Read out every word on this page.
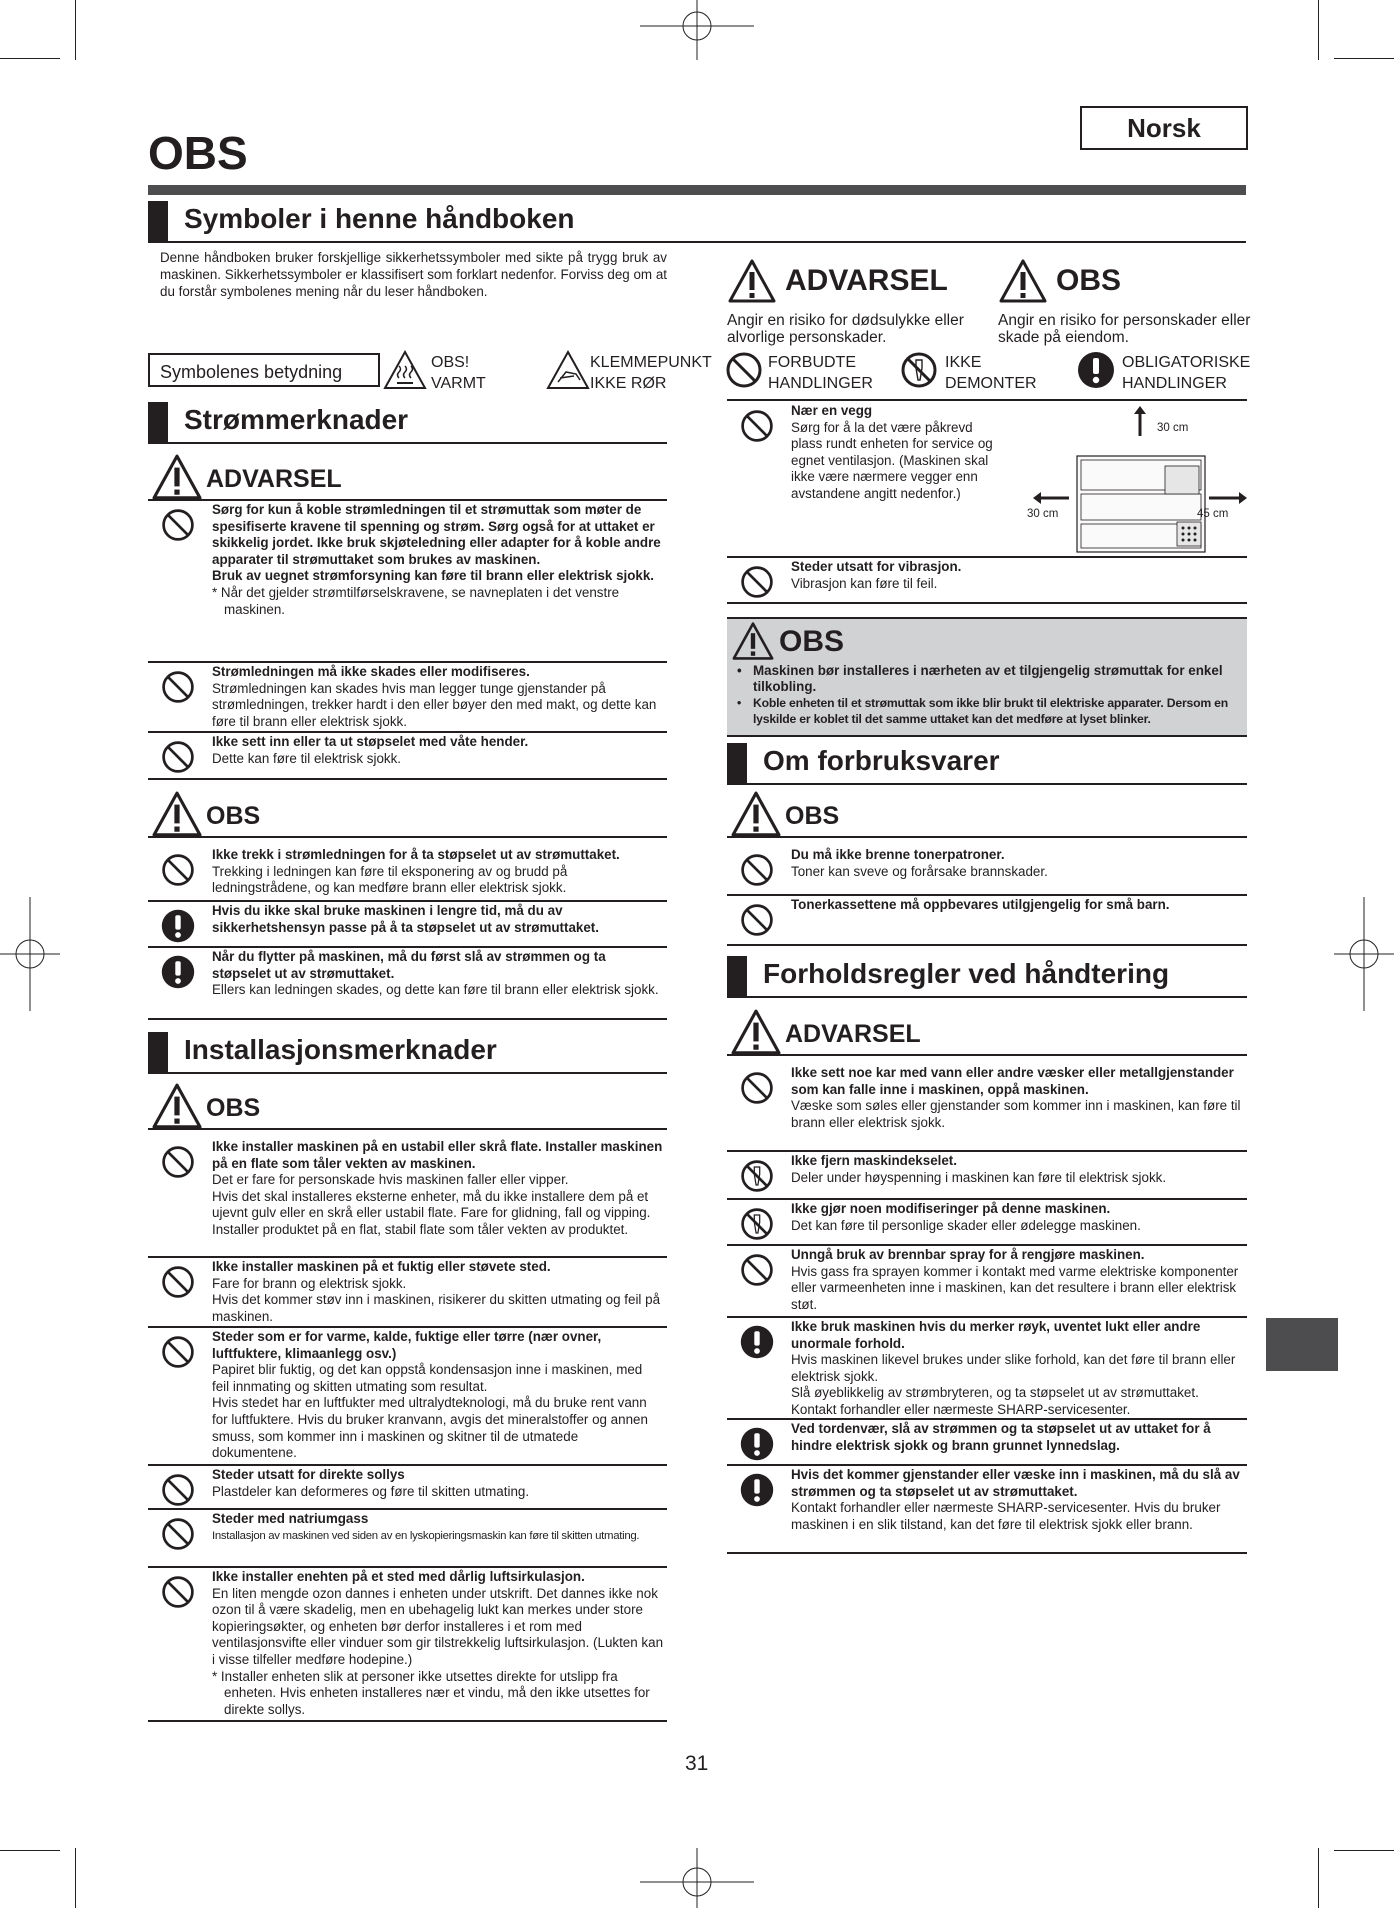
Norsk
OBS
Symboler i henne håndboken
Denne håndboken bruker forskjellige sikkerhetssymboler med sikte på trygg bruk av maskinen. Sikkerhetssymboler er klassifisert som forklart nedenfor. Forviss deg om at du forstår symbolenes mening når du leser håndboken.	ADVARSEL
Angir en risiko for dødsulykke eller alvorlige personskader.
OBS
Angir en risiko for personskader eller skade på eiendom.
Symbolenes betydning	OBS!
VARMT
KLEMMEPUNKT
IKKE RØR
FORBUDTE
HANDLINGER
IKKE
DEMONTER
OBLIGATORISKE
HANDLINGER
Strømmerknader
ADVARSEL
Sørg for kun å koble strømledningen til et strømuttak som møter de spesifiserte kravene til spenning og strøm. Sørg også for at uttaket er skikkelig jordet. Ikke bruk skjøteledning eller adapter for å koble andre apparater til strømuttaket som brukes av maskinen.
Bruk av uegnet strømforsyning kan føre til brann eller elektrisk sjokk.
* Når det gjelder strømtilførselskravene, se navneplaten i det venstre maskinen.
Strømledningen må ikke skades eller modifiseres.
Strømledningen kan skades hvis man legger tunge gjenstander på strømledningen, trekker hardt i den eller bøyer den med makt, og dette kan føre til brann eller elektrisk sjokk.
Ikke sett inn eller ta ut støpselet med våte hender.
Dette kan føre til elektrisk sjokk.
OBS
Ikke trekk i strømledningen for å ta støpselet ut av strømuttaket.
Trekking i ledningen kan føre til eksponering av og brudd på ledningstrådene, og kan medføre brann eller elektrisk sjokk.
Hvis du ikke skal bruke maskinen i lengre tid, må du av sikkerhetshensyn passe på å ta støpselet ut av strømuttaket.
Når du flytter på maskinen, må du først slå av strømmen og ta støpselet ut av strømuttaket.
Ellers kan ledningen skades, og dette kan føre til brann eller elektrisk sjokk.
Installasjonsmerknader
OBS
Ikke installer maskinen på en ustabil eller skrå flate. Installer maskinen på en flate som tåler vekten av maskinen.
Det er fare for personskade hvis maskinen faller eller vipper.
Hvis det skal installeres eksterne enheter, må du ikke installere dem på et ujevnt gulv eller en skrå eller ustabil flate. Fare for glidning, fall og vipping. Installer produktet på en flat, stabil flate som tåler vekten av produktet.
Ikke installer maskinen på et fuktig eller støvete sted.
Fare for brann og elektrisk sjokk.
Hvis det kommer støv inn i maskinen, risikerer du skitten utmating og feil på maskinen.
Steder som er for varme, kalde, fuktige eller tørre (nær ovner, luftfuktere, klimaanlegg osv.)
Papiret blir fuktig, og det kan oppstå kondensasjon inne i maskinen, med feil innmating og skitten utmating som resultat.
Hvis stedet har en luftfukter med ultralydteknologi, må du bruke rent vann for luftfuktere. Hvis du bruker kranvann, avgis det mineralstoffer og annen smuss, som kommer inn i maskinen og skitner til de utmatede dokumentene.
Steder utsatt for direkte sollys
Plastdeler kan deformeres og føre til skitten utmating.
Steder med natriumgass
Installasjon av maskinen ved siden av en lyskopieringsmaskin kan føre til skitten utmating.
Ikke installer enehten på et sted med dårlig luftsirkulasjon.
En liten mengde ozon dannes i enheten under utskrift. Det dannes ikke nok ozon til å være skadelig, men en ubehagelig lukt kan merkes under store kopieringsøkter, og enheten bør derfor installeres i et rom med ventilasjonsvifte eller vinduer som gir tilstrekkelig luftsirkulasjon. (Lukten kan i visse tilfeller medføre hodepine.)
* Installer enheten slik at personer ikke utsettes direkte for utslipp fra enheten. Hvis enheten installeres nær et vindu, må den ikke utsettes for direkte sollys.
Nær en vegg
Sørg for å la det være påkrevd plass rundt enheten for service og egnet ventilasjon. (Maskinen skal ikke være nærmere vegger enn avstandene angitt nedenfor.)
30 cm
30 cm	45 cm
Steder utsatt for vibrasjon.
Vibrasjon kan føre til feil.
OBS
• Maskinen bør installeres i nærheten av et tilgjengelig strømuttak for enkel tilkobling.
• Koble enheten til et strømuttak som ikke blir brukt til elektriske apparater. Dersom en lyskilde er koblet til det samme uttaket kan det medføre at lyset blinker.
Om forbruksvarer
OBS
Du må ikke brenne tonerpatroner.
Toner kan sveve og forårsake brannskader.
Tonerkassettene må oppbevares utilgjengelig for små barn.
Forholdsregler ved håndtering
ADVARSEL
Ikke sett noe kar med vann eller andre væsker eller metallgjenstander som kan falle inne i maskinen, oppå maskinen.
Væske som søles eller gjenstander som kommer inn i maskinen, kan føre til brann eller elektrisk sjokk.
Ikke fjern maskindekselet.
Deler under høyspenning i maskinen kan føre til elektrisk sjokk.
Ikke gjør noen modifiseringer på denne maskinen.
Det kan føre til personlige skader eller ødelegge maskinen.
Unngå bruk av brennbar spray for å rengjøre maskinen.
Hvis gass fra sprayen kommer i kontakt med varme elektriske komponenter eller varmeenheten inne i maskinen, kan det resultere i brann eller elektrisk støt.
Ikke bruk maskinen hvis du merker røyk, uventet lukt eller andre unormale forhold.
Hvis maskinen likevel brukes under slike forhold, kan det føre til brann eller elektrisk sjokk.
Slå øyeblikkelig av strømbryteren, og ta støpselet ut av strømuttaket. Kontakt forhandler eller nærmeste SHARP-servicesenter.
Ved tordenvær, slå av strømmen og ta støpselet ut av uttaket for å hindre elektrisk sjokk og brann grunnet lynnedslag.
Hvis det kommer gjenstander eller væske inn i maskinen, må du slå av strømmen og ta støpselet ut av strømuttaket.
Kontakt forhandler eller nærmeste SHARP-servicesenter. Hvis du bruker maskinen i en slik tilstand, kan det føre til elektrisk sjokk eller brann.
31
